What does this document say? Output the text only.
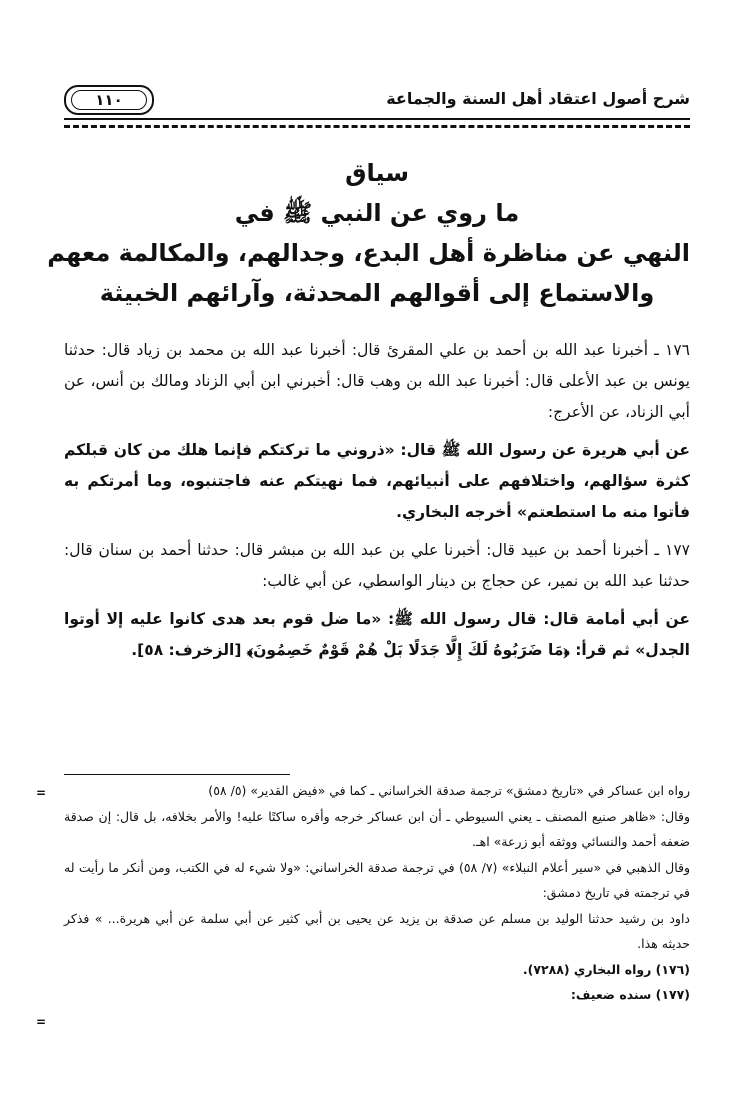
١١٠	شرح أصول اعتقاد أهل السنة والجماعة
سياق
ما روي عن النبي ﷺ في
النهي عن مناظرة أهل البدع، وجدالهم، والمكالمة معهم
والاستماع إلى أقوالهم المحدثة، وآرائهم الخبيثة

١٧٦ ـ أخبرنا عبد الله بن أحمد بن علي المقرئ قال: أخبرنا عبد الله بن محمد بن زياد قال: حدثنا يونس بن عبد الأعلى قال: أخبرنا عبد الله بن وهب قال: أخبرني ابن أبي الزناد ومالك بن أنس، عن أبي الزناد، عن الأعرج:

عن أبي هريرة عن رسول الله ﷺ قال: «ذروني ما تركتكم فإنما هلك من كان قبلكم كثرة سؤالهم، واختلافهم على أنبيائهم، فما نهيتكم عنه فاجتنبوه، وما أمرتكم به فأتوا منه ما استطعتم» أخرجه البخاري.

١٧٧ ـ أخبرنا أحمد بن عبيد قال: أخبرنا علي بن عبد الله بن مبشر قال: حدثنا أحمد بن سنان قال: حدثنا عبد الله بن نمير، عن حجاج بن دينار الواسطي، عن أبي غالب:

عن أبي أمامة قال: قال رسول الله ﷺ: «ما ضل قوم بعد هدى كانوا عليه إلا أوتوا الجدل» ثم قرأ: ﴿مَا ضَرَبُوهُ لَكَ إِلَّا جَدَلًا بَلْ هُمْ قَوْمٌ خَصِمُونَ﴾ [الزخرف: ٥٨].

=
=

رواه ابن عساكر في «تاريخ دمشق» ترجمة صدقة الخراساني ـ كما في «فيض القدير» (٥/ ٥٨)

وقال: «ظاهر صنيع المصنف ـ يعني السيوطي ـ أن ابن عساكر خرجه وأقره ساكتًا عليه! والأمر بخلافه، بل قال: إن صدقة ضعفه أحمد والنسائي ووثقه أبو زرعة» اهـ.

وقال الذهبي في «سير أعلام النبلاء» (٧/ ٥٨) في ترجمة صدقة الخراساني: «ولا شيء له في الكتب، ومن أنكر ما رأيت له في ترجمته في تاريخ دمشق:

داود بن رشيد حدثنا الوليد بن مسلم عن صدقة بن يزيد عن يحيى بن أبي كثير عن أبي سلمة عن أبي هريرة... » فذكر حديثه هذا.

(١٧٦) رواه البخاري (٧٢٨٨).

(١٧٧) سنده ضعيف:
